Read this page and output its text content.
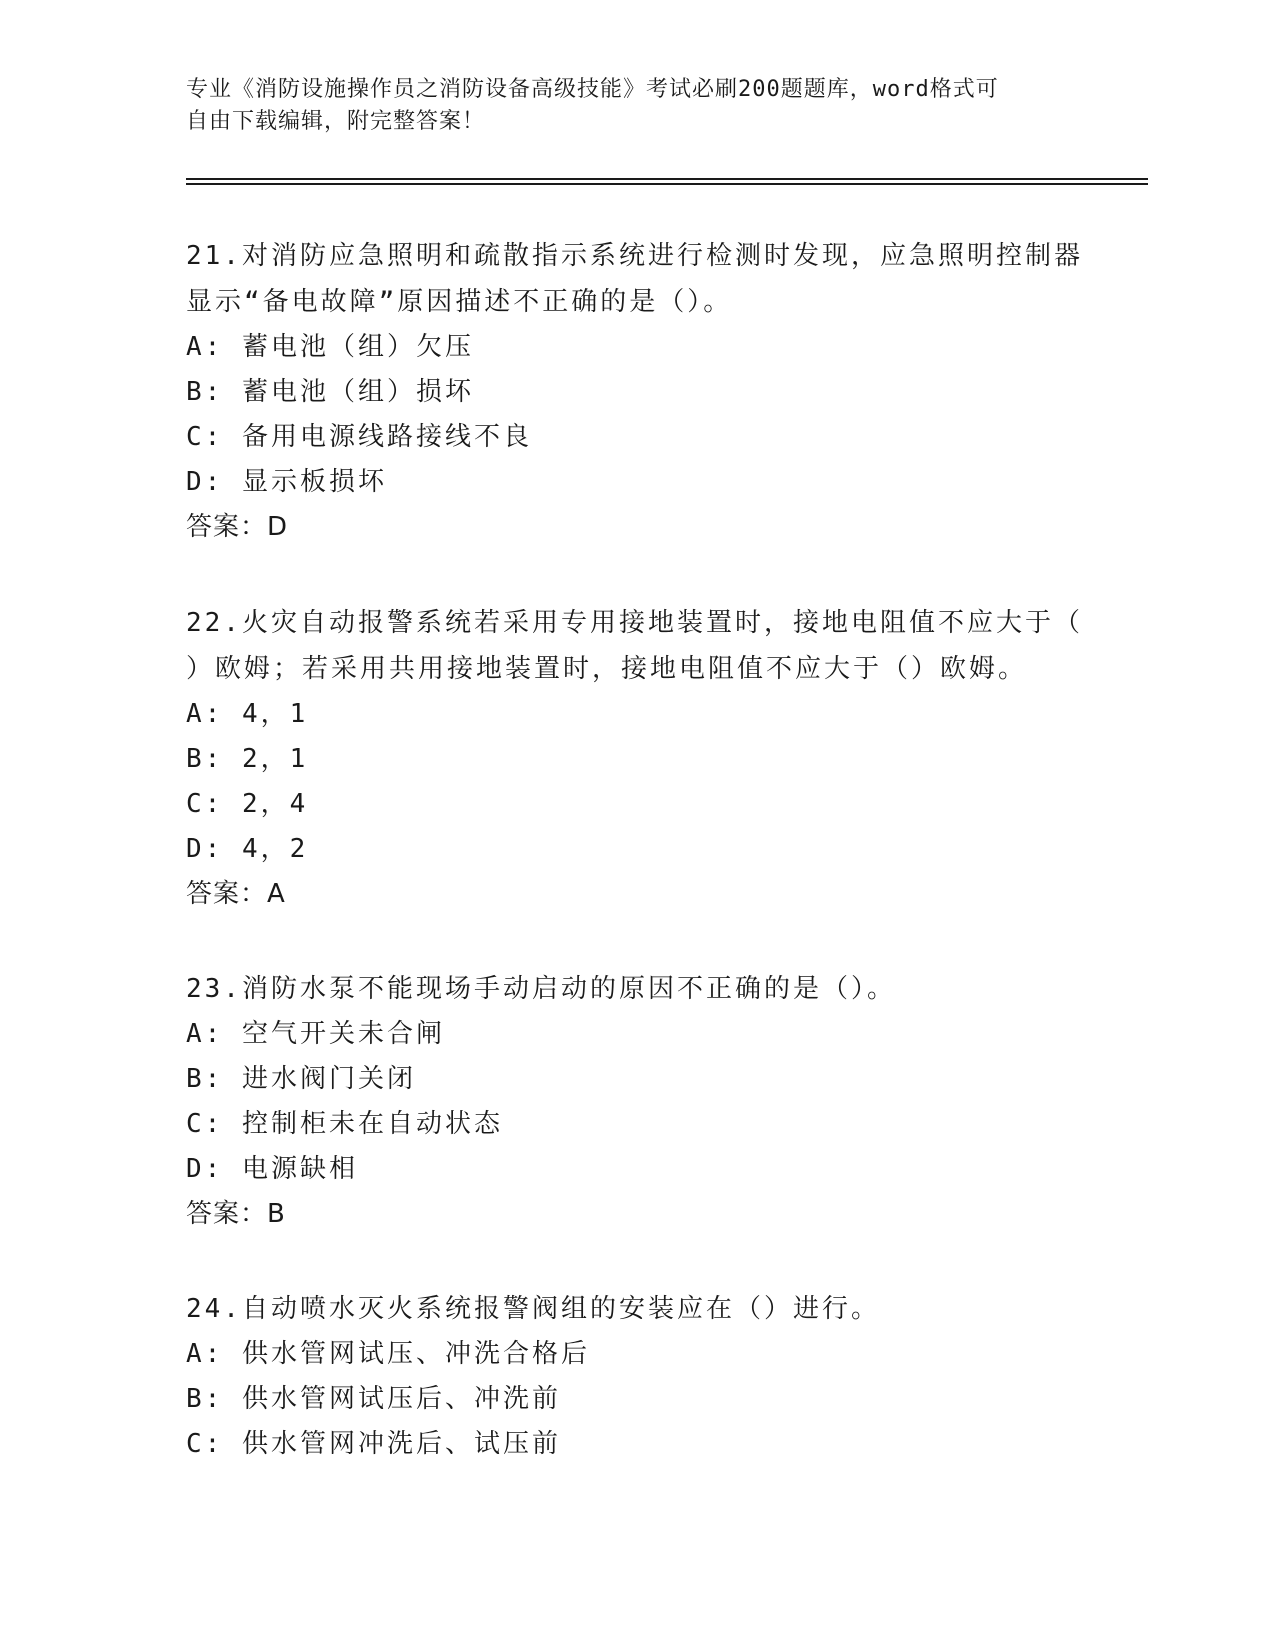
专业《消防设施操作员之消防设备高级技能》考试必刷200题题库，word格式可
自由下载编辑，附完整答案！
21.对消防应急照明和疏散指示系统进行检测时发现，应急照明控制器
显示“备电故障”原因描述不正确的是（）。
A: 蓄电池（组）欠压
B: 蓄电池（组）损坏
C: 备用电源线路接线不良
D: 显示板损坏
答案：D
22.火灾自动报警系统若采用专用接地装置时，接地电阻值不应大于（
）欧姆；若采用共用接地装置时，接地电阻值不应大于（）欧姆。
A: 4，1
B: 2，1
C: 2，4
D: 4，2
答案：A
23.消防水泵不能现场手动启动的原因不正确的是（）。
A: 空气开关未合闸
B: 进水阀门关闭
C: 控制柜未在自动状态
D: 电源缺相
答案：B
24.自动喷水灭火系统报警阀组的安装应在（）进行。
A: 供水管网试压、冲洗合格后
B: 供水管网试压后、冲洗前
C: 供水管网冲洗后、试压前
